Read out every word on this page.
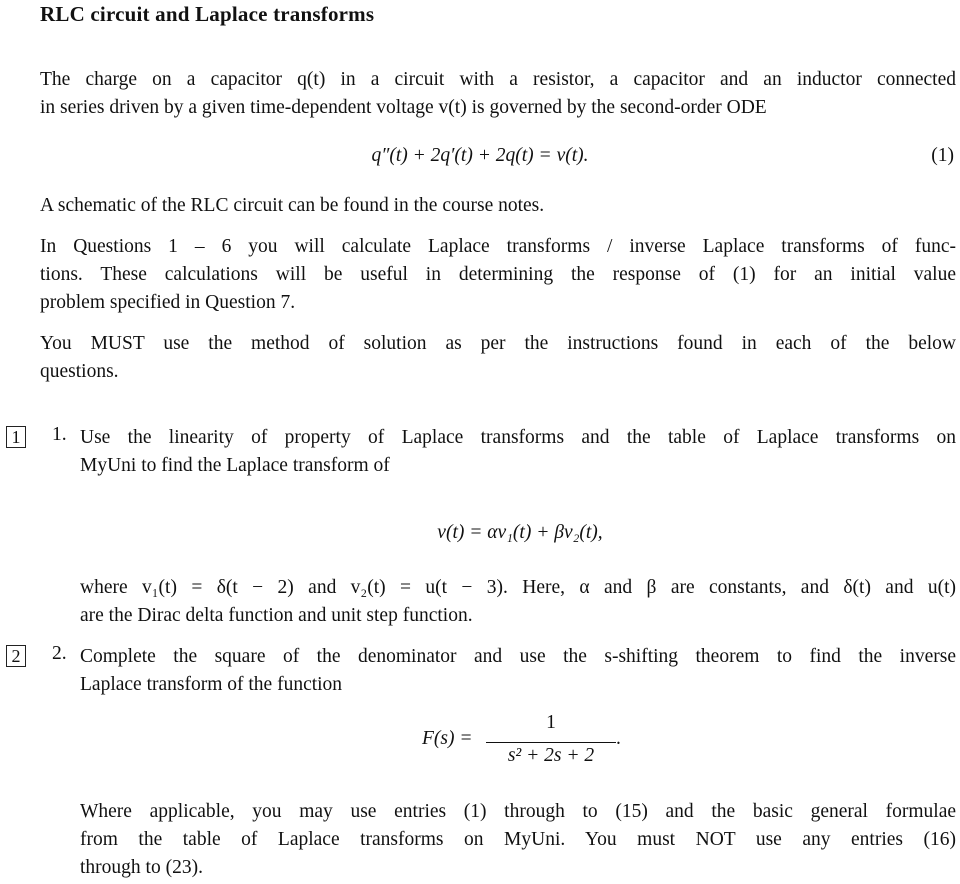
RLC circuit and Laplace transforms
The charge on a capacitor q(t) in a circuit with a resistor, a capacitor and an inductor connected
in series driven by a given time-dependent voltage v(t) is governed by the second-order ODE
q″(t) + 2q′(t) + 2q(t) = v(t).	(1)
A schematic of the RLC circuit can be found in the course notes.
In Questions 1 – 6 you will calculate Laplace transforms / inverse Laplace transforms of func-
tions. These calculations will be useful in determining the response of (1) for an initial value
problem specified in Question 7.
You MUST use the method of solution as per the instructions found in each of the below
questions.
1 1. Use the linearity of property of Laplace transforms and the table of Laplace transforms on
MyUni to find the Laplace transform of
v(t) = αv₁(t) + βv₂(t),
where v₁(t) = δ(t − 2) and v₂(t) = u(t − 3). Here, α and β are constants, and δ(t) and u(t)
are the Dirac delta function and unit step function.
2 2. Complete the square of the denominator and use the s-shifting theorem to find the inverse
Laplace transform of the function
F(s) =
1
s² + 2s + 2
.
Where applicable, you may use entries (1) through to (15) and the basic general formulae
from the table of Laplace transforms on MyUni. You must NOT use any entries (16)
through to (23).
